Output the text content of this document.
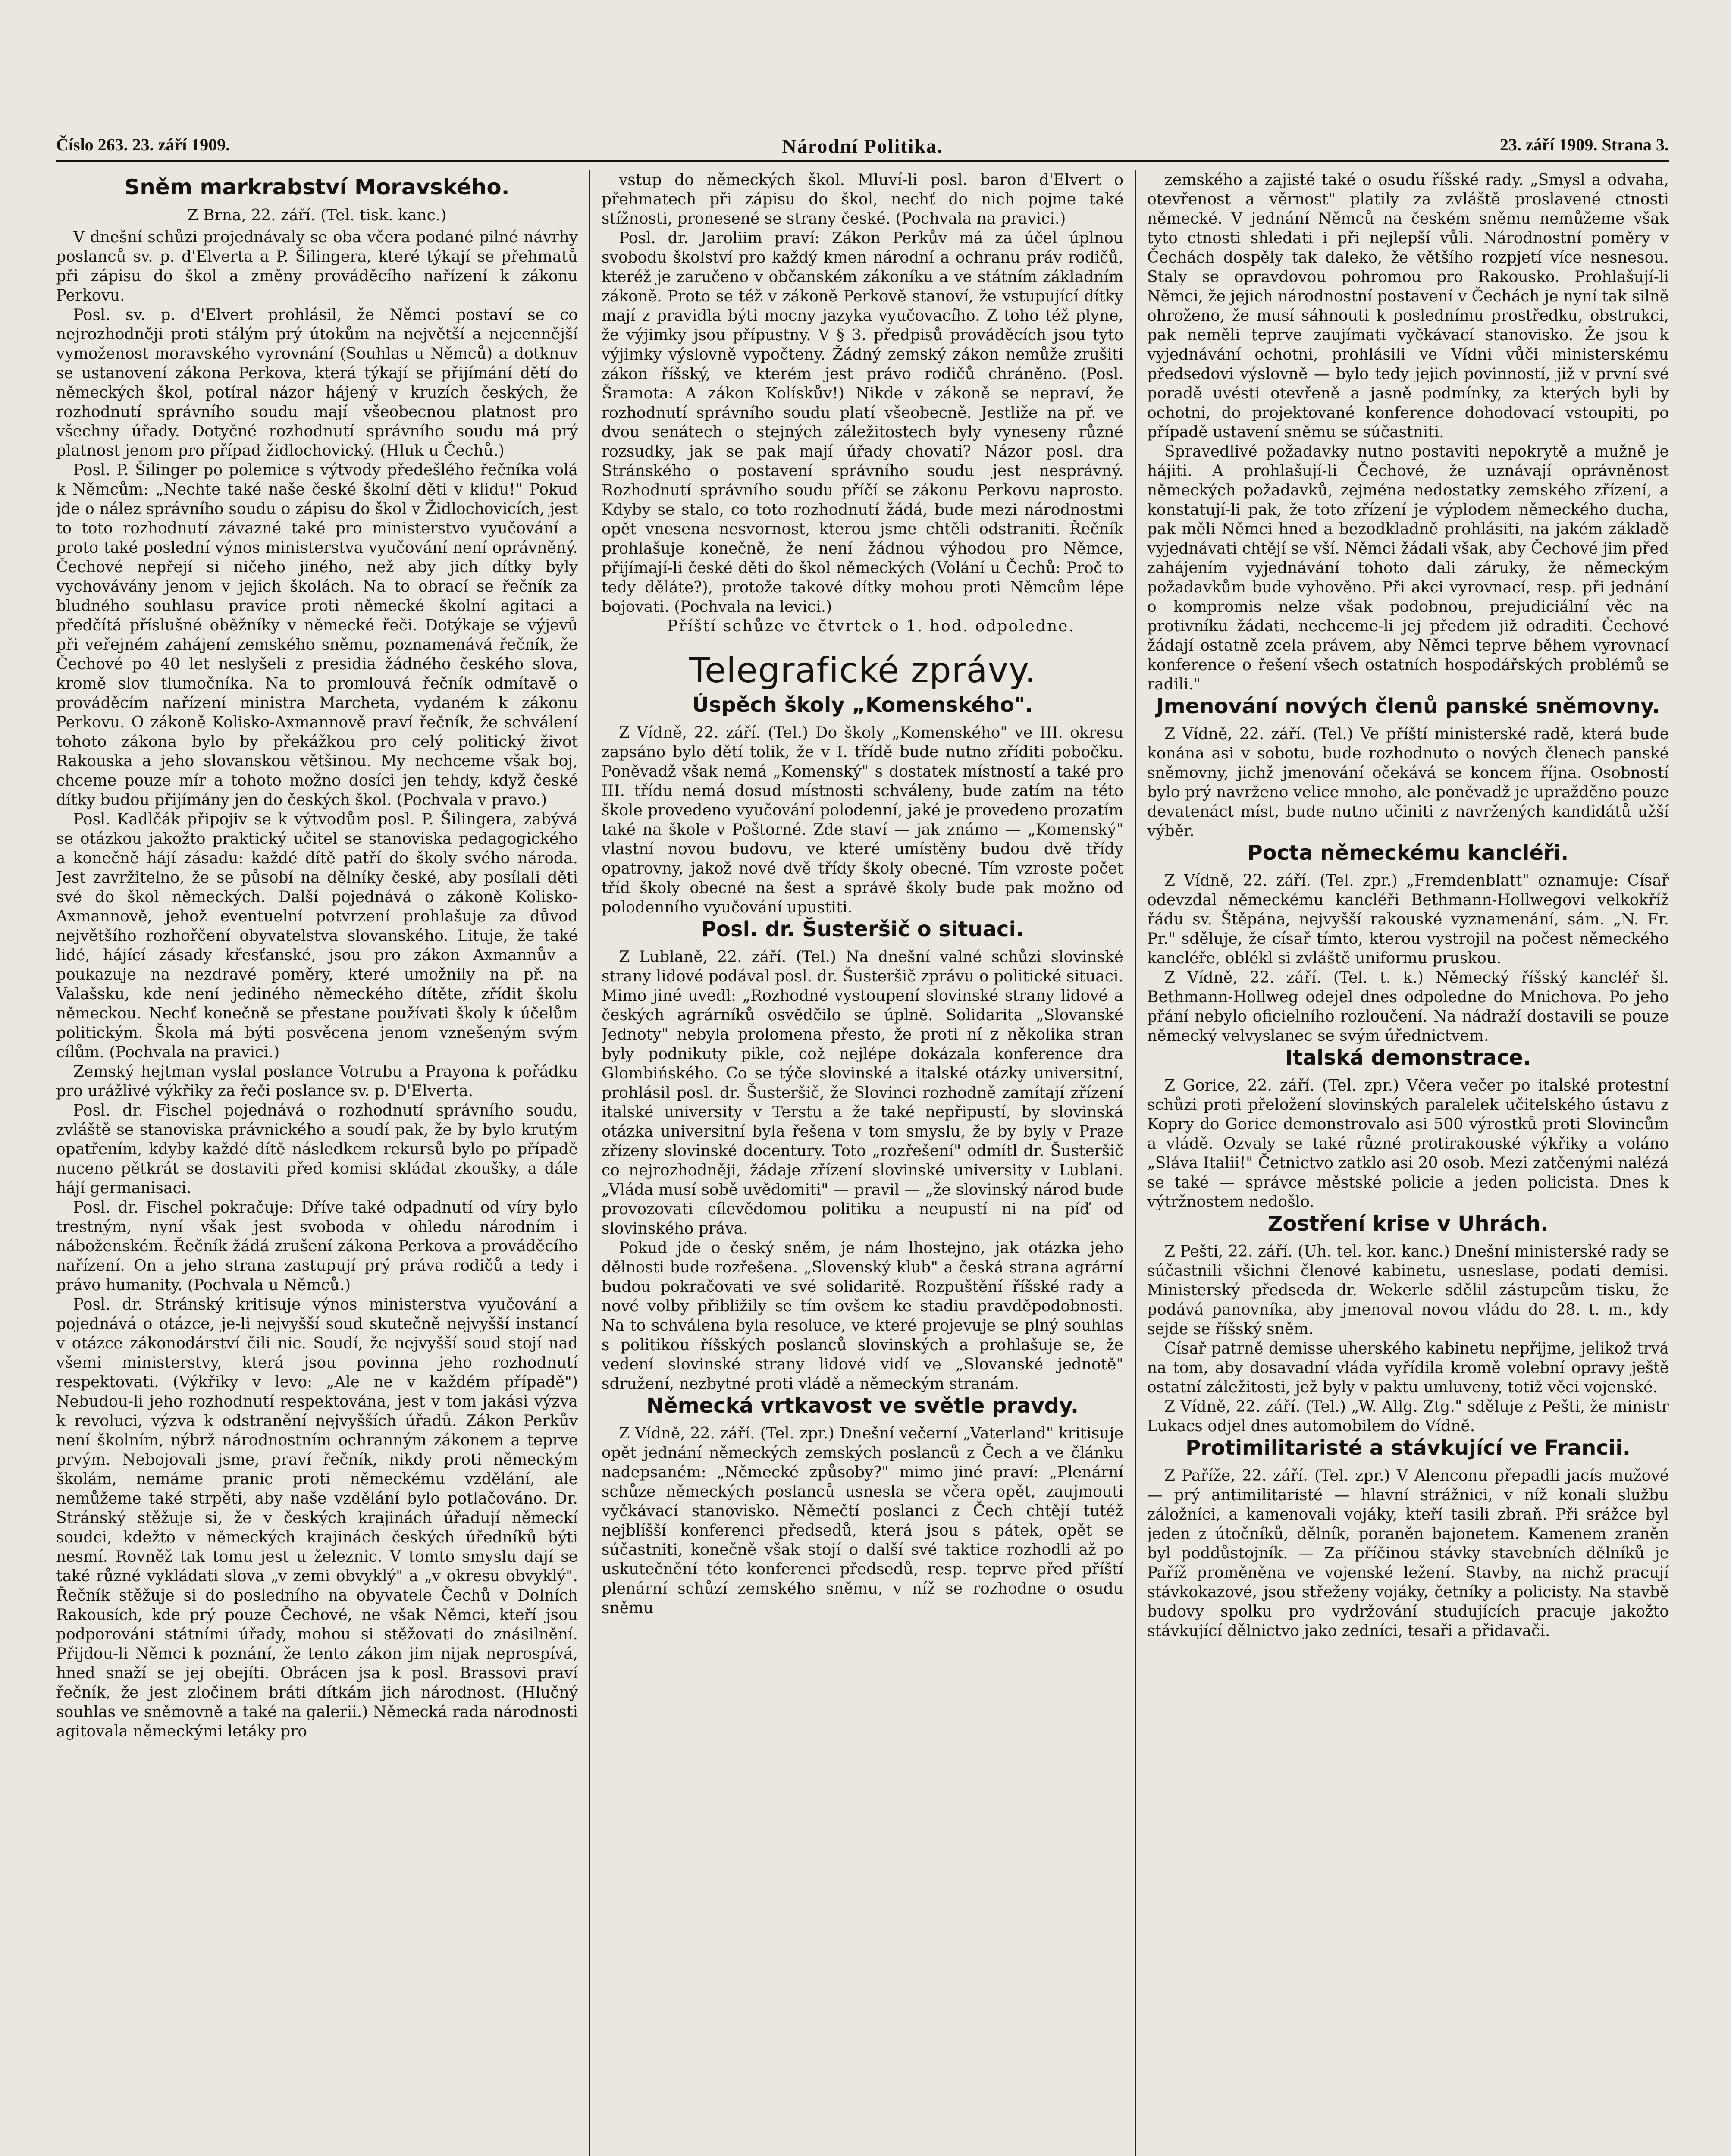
Číslo 263. 23. září 1909.	Národní Politika.	23. září 1909. Strana 3.
Sněm markrabství Moravského.
Z Brna, 22. září. (Tel. tisk. kanc.)

V dnešní schůzi projednávaly se oba včera podané pilné návrhy poslanců sv. p. d'Elverta a P. Šilingera, které týkají se přehmatů při zápisu do škol a změny prováděcího nařízení k zákonu Perkovu.

Posl. sv. p. d'Elvert prohlásil, že Němci postaví se co nejrozhodněji proti stálým prý útokům na největší a nejcennější vymoženost moravského vyrovnání (Souhlas u Němců) a dotknuv se ustanovení zákona Perkova, která týkají se přijímání dětí do německých škol, potíral názor hájený v kruzích českých, že rozhodnutí správního soudu mají všeobecnou platnost pro všechny úřady. Dotyčné rozhodnutí správního soudu má prý platnost jenom pro případ židlochovický. (Hluk u Čechů.)

Posl. P. Šilinger po polemice s výtvody předešlého řečníka volá k Němcům: „Nechte také naše české školní děti v klidu!" Pokud jde o nález správního soudu o zápisu do škol v Židlochovicích, jest to toto rozhodnutí závazné také pro ministerstvo vyučování a proto také poslední výnos ministerstva vyučování není oprávněný. Čechové nepřejí si ničeho jiného, než aby jich dítky byly vychovávány jenom v jejich školách. Na to obrací se řečník za bludného souhlasu pravice proti německé školní agitaci a předčítá příslušné oběžníky v německé řeči. Dotýkaje se výjevů při veřejném zahájení zemského sněmu, poznamenává řečník, že Čechové po 40 let neslyšeli z presidia žádného českého slova, kromě slov tlumočníka. Na to promlouvá řečník odmítavě o prováděcím nařízení ministra Marchetа, vydaném k zákonu Perkovu. O zákoně Kolisko-Axmannově praví řečník, že schválení tohoto zákona bylo by překážkou pro celý politický život Rakouska a jeho slovanskou většinou. My nechceme však boj, chceme pouze mír a tohoto možno dosíci jen tehdy, když české dítky budou přijímány jen do českých škol. (Pochvala v pravo.)

Posl. Kadlčák připojiv se k výtvodům posl. P. Šilingera, zabývá se otázkou jakožto praktický učitel se stanoviska pedagogického a konečně hájí zásadu: každé dítě patří do školy svého národa. Jest zavržitelno, že se působí na dělníky české, aby posílali děti své do škol německých. Další pojednává o zákoně Kolisko-Axmannově, jehož eventuelní potvrzení prohlašuje za důvod největšího rozhořčení obyvatelstva slovanského. Lituje, že také lidé, hájící zásady křesťanské, jsou pro zákon Axmannův a poukazuje na nezdravé poměry, které umožnily na př. na Valašsku, kde není jediného německého dítěte, zřídit školu německou. Nechť konečně se přestane používati školy k účelům politickým. Škola má býti posvěcena jenom vznešeným svým cílům. (Pochvala na pravici.)

Zemský hejtman vyslal poslance Votrubu a Prayona k pořádku pro urážlivé výkřiky za řeči poslance sv. p. D'Elverta.

Posl. dr. Fischel pojednává o rozhodnutí správního soudu, zvláště se stanoviska právnického a soudí pak, že by bylo krutým opatřením, kdyby každé dítě následkem rekursů bylo po případě nucenо pětkrát se dostaviti před komisi skládat zkoušky, a dále hájí germanisaci.

Posl. dr. Fischel pokračuje: Dříve také odpadnutí od víry bylo trestným, nyní však jest svoboda v ohledu národním i náboženském. Řečník žádá zrušení zákona Perkova a prováděcího nařízení. On a jeho strana zastupují prý práva rodičů a tedy i právo humanity. (Pochvala u Němců.)

Posl. dr. Stránský kritisuje výnos ministerstva vyučování a pojednává o otázce, je-li nejvyšší soud skutečně nejvyšší instancí v otázce zákonodárství čili nic. Soudí, že nejvyšší soud stojí nad všemi ministerstvy, která jsou povinna jeho rozhodnutí respektovati. (Výkřiky v levo: „Ale ne v každém případě") Nebudou-li jeho rozhodnutí respektována, jest v tom jakási výzva k revoluci, výzva k odstranění nejvyšších úřadů. Zákon Perkův není školním, nýbrž národnostním ochranným zákonem a teprve prvým. Nebojovali jsme, praví řečník, nikdy proti německým školám, nemáme pranic proti německému vzdělání, ale nemůžeme také strpěti, aby naše vzdělání bylo potlačováno. Dr. Stránský stěžuje si, že v českých krajinách úřadují německí soudci, kdežto v německých krajinách českých úředníků býti nesmí. Rovněž tak tomu jest u železnic. V tomto smyslu dají se také různé vykládati slova „v zemi obvyklý" a „v okresu obvyklý". Řečník stěžuje si do posledního na obyvatele Čechů v Dolních Rakousích, kde prý pouze Čechové, ne však Němci, kteří jsou podporováni státními úřady, mohou si stěžovati do znásilnění. Přijdou-li Němci k poznání, že tento zákon jim nijak neprospívá, hned snaží se jej obejíti. Obrácen jsa k posl. Brassovi praví řečník, že jest zločinem bráti dítkám jich národnost. (Hlučný souhlas ve sněmovně a také na galerii.) Německá rada národnosti agitovala německými letáky pro

vstup do německých škol. Mluví-li posl. baron d'Elvert o přehmatech při zápisu do škol, nechť do nich pojme také stížnosti, pronesené se strany české. (Pochvala na pravici.)

Posl. dr. Jaroliim praví: Zákon Perkův má za účel úplnou svobodu školství pro každý kmen národní a ochranu práv rodičů, kteréž je zaručeno v občanském zákoníku a ve státním základním zákoně. Proto se též v zákoně Perkově stanoví, že vstupující dítky mají z pravidla býti mocny jazyka vyučovacího. Z toho též plyne, že výjimky jsou přípustny. V § 3. předpisů prováděcích jsou tyto výjimky výslovně vypočteny. Žádný zemský zákon nemůže zrušiti zákon říšský, ve kterém jest právo rodičů chráněno. (Posl. Šramota: A zákon Kolískův!) Nikde v zákoně se nepraví, že rozhodnutí správního soudu platí všeobecně. Jestliže na př. ve dvou senátech o stejných záležitostech byly vyneseny různé rozsudky, jak se pak mají úřady chovati? Názor posl. dra Stránského o postavení správního soudu jest nesprávný. Rozhodnutí správního soudu příčí se zákonu Perkovu naprosto. Kdyby se stalo, co toto rozhodnutí žádá, bude mezi národnostmi opět vnesena nesvornost, kterou jsme chtěli odstraniti. Řečník prohlašuje konečně, že není žádnou výhodou pro Němce, přijímají-li české děti do škol německých (Volání u Čechů: Proč to tedy děláte?), protože takové dítky mohou proti Němcům lépe bojovati. (Pochvala na levici.)

Příští schůze ve čtvrtek o 1. hod. odpoledne.

Telegrafické zprávy.
Úspěch školy „Komenského".

Z Vídně, 22. září. (Tel.) Do školy „Komenského" ve III. okresu zapsáno bylo dětí tolik, že v I. třídě bude nutno zříditi pobočku. Poněvadž však nemá „Komenský" s dostatek místností a také pro III. třídu nemá dosud místnosti schváleny, bude zatím na této škole provedeno vyučování polodenní, jaké je provedeno prozatím také na škole v Poštorné. Zde staví — jak známo — „Komenský" vlastní novou budovu, ve které umístěny budou dvě třídy opatrovny, jakož nové dvě třídy školy obecné. Tím vzroste počet tříd školy obecné na šest a správě školy bude pak možno od polodenního vyučování upustiti.

Posl. dr. Šusteršič o situaci.

Z Lublaně, 22. září. (Tel.) Na dnešní valné schůzi slovinské strany lidové podával posl. dr. Šusteršič zprávu o politické situaci. Mimo jiné uvedl: „Rozhodné vystoupení slovinské strany lidové a českých agrárníků osvědčilo se úplně. Solidarita „Slovanské Jednoty" nebyla prolomena přesto, že proti ní z několika stran byly podnikuty pikle, což nejlépe dokázala konference dra Glombińského. Co se týče slovinské a italské otázky universitní, prohlásil posl. dr. Šusteršič, že Slovinci rozhodně zamítají zřízení italské university v Terstu a že také nepřipustí, by slovinská otázka universitní byla řešena v tom smyslu, že by byly v Praze zřízeny slovinské docentury. Toto „rozřešení" odmítl dr. Šusteršič co nejrozhodněji, žádaje zřízení slovinské university v Lublani. „Vláda musí sobě uvědomiti" — pravil — „že slovinský národ bude provozovati cílevědomou politiku a neupustí ni na píď od slovinského práva.

Pokud jde o český sněm, je nám lhostejno, jak otázka jeho dělnosti bude rozřešena. „Slovenský klub" a česká strana agrární budou pokračovati ve své solidaritě. Rozpuštění říšské rady a nové volby přibližily se tím ovšem ke stadiu pravděpodobnosti. Na to schválena byla resoluce, ve které projevuje se plný souhlas s politikou říšských poslanců slovinských a prohlašuje se, že vedení slovinské strany lidové vidí ve „Slovanské jednotě" sdružení, nezbytné proti vládě a německým stranám.

Německá vrtkavost ve světle pravdy.

Z Vídně, 22. září. (Tel. zpr.) Dnešní večerní „Vaterland" kritisuje opět jednání německých zemských poslanců z Čech a ve článku nadepsaném: „Německé způsoby?" mimo jiné praví: „Plenární schůze německých poslanců usnesla se včera opět, zaujmouti vyčkávací stanovisko. Němečtí poslanci z Čech chtějí tutéž nejblíšší konferenci předsedů, která jsou s pátek, opět se súčastniti, konečně však stojí o další své taktice rozhodli až po uskutečnění této konferenci předsedů, resp. teprve před příští plenární schůzí zemského sněmu, v níž se rozhodne o osudu sněmu

zemského a zajisté také o osudu říšské rady. „Smysl a odvaha, otevřenost a věrnost" platily za zvláště proslavené ctnosti německé. V jednání Němců na českém sněmu nemůžeme však tyto ctnosti shledati i při nejlepší vůli. Národnostní poměry v Čechách dospěly tak daleko, že většího rozpjetí více nesnesou. Staly se opravdovou pohromou pro Rakousko. Prohlašují-li Němci, že jejich národnostní postavení v Čechách je nyní tak silně ohroženo, že musí sáhnouti k poslednímu prostředku, obstrukci, pak neměli teprve zaujímati vyčkávací stanovisko. Že jsou k vyjednávání ochotni, prohlásili ve Vídni vůči ministerskému předsedovi výslovně — bylo tedy jejich povinností, již v první své poradě uvésti otevřeně a jasně podmínky, za kterých byli by ochotni, do projektované konference dohodovací vstoupiti, po případě ustavení sněmu se súčastniti.

Spravedlivé požadavky nutno postaviti nepokrytě a mužně je hájiti. A prohlašují-li Čechové, že uznávají oprávněnost německých požadavků, zejména nedostatky zemského zřízení, a konstatují-li pak, že toto zřízení je výplodem německého ducha, pak měli Němci hned a bezodkladně prohlásiti, na jakém základě vyjednávati chtějí se vší. Němci žádali však, aby Čechové jim před zahájením vyjednávání tohoto dali záruky, že německým požadavkům bude vyhověno. Při akci vyrovnací, resp. při jednání o kompromis nelze však podobnou, prejudiciální věc na protivníku žádati, nechceme-li jej předem již odraditi. Čechové žádají ostatně zcela právem, aby Němci teprve během vyrovnací konference o řešení všech ostatních hospodářských problémů se radili."

Jmenování nových členů panské sněmovny.

Z Vídně, 22. září. (Tel.) Ve příští ministerské radě, která bude konána asi v sobotu, bude rozhodnuto o nových členech panské sněmovny, jichž jmenování očekává se koncem října. Osobností bylo prý navrženo velice mnoho, ale poněvadž je upražděno pouze devatenáct míst, bude nutno učiniti z navržených kandidátů užší výběr.

Pocta německému kancléři.

Z Vídně, 22. září. (Tel. zpr.) „Fremdenblatt" oznamuje: Císař odevzdal německému kancléři Bethmann-Hollwegovi velkokříž řádu sv. Štěpána, nejvyšší rakouské vyznamenání, sám. „N. Fr. Pr." sděluje, že císař tímto, kterou vystrojil na počest německého kancléře, oblékl si zvláště uniformu pruskou.

Z Vídně, 22. září. (Tel. t. k.) Německý říšský kancléř šl. Bethmann-Hollweg odejel dnes odpoledne do Mnichova. Po jeho přání nebylo oficielního rozloučení. Na nádraží dostavili se pouze německý velvyslanec se svým úřednictvem.

Italská demonstrace.

Z Gorice, 22. září. (Tel. zpr.) Včera večer po italské protestní schůzi proti přeložení slovinských paralelek učitelského ústavu z Koprу do Gorice demonstrovalo asi 500 výrostků proti Slovincům a vládě. Ozvaly se také různé protirakouské výkřiky a voláno „Sláva Italii!" Četnictvo zatklo asi 20 osob. Mezi zatčenými nalézá se také — správce městské policie a jeden policista. Dnes k výtržnostem nedošlo.

Zostření krise v Uhrách.

Z Pešti, 22. září. (Uh. tel. kor. kanc.) Dnešní ministerské rady se súčastnili všichni členové kabinetu, usneslase, podati demisi. Ministerský předseda dr. Wekerle sdělil zástupcům tisku, že podává panovníka, aby jmenoval novou vládu do 28. t. m., kdy sejde se říšský sněm.

Císař patrně demisse uherského kabinetu nepřijme, jelikož trvá na tom, aby dosavadní vláda vyřídila kromě volební opravy ještě ostatní záležitosti, jež byly v paktu umluveny, totiž věci vojenské.

Z Vídně, 22. září. (Tel.) „W. Allg. Ztg." sděluje z Pešti, že ministr Lukacs odjel dnes automobilem do Vídně.

Protimilitaristé a stávkující ve Francii.

Z Paříže, 22. září. (Tel. zpr.) V Alenconu přepadli jacís mužové — prý antimilitaristé — hlavní strážnici, v níž konali službu záložníci, a kamenovali vojáky, kteří tasili zbraň. Při srážce byl jeden z útočníků, dělník, poraněn bajonetem. Kamenem zraněn byl poddůstojník. — Za příčinou stávky stavebních dělníků je Paříž proměněna ve vojenské ležení. Stavby, na nichž pracují stávkokazové, jsou střeženy vojáky, četníky a policisty. Na stavbě budovy spolku pro vydržování studujících pracuje jakožto stávkující dělnictvo jako zedníci, tesaři a přidavači.
